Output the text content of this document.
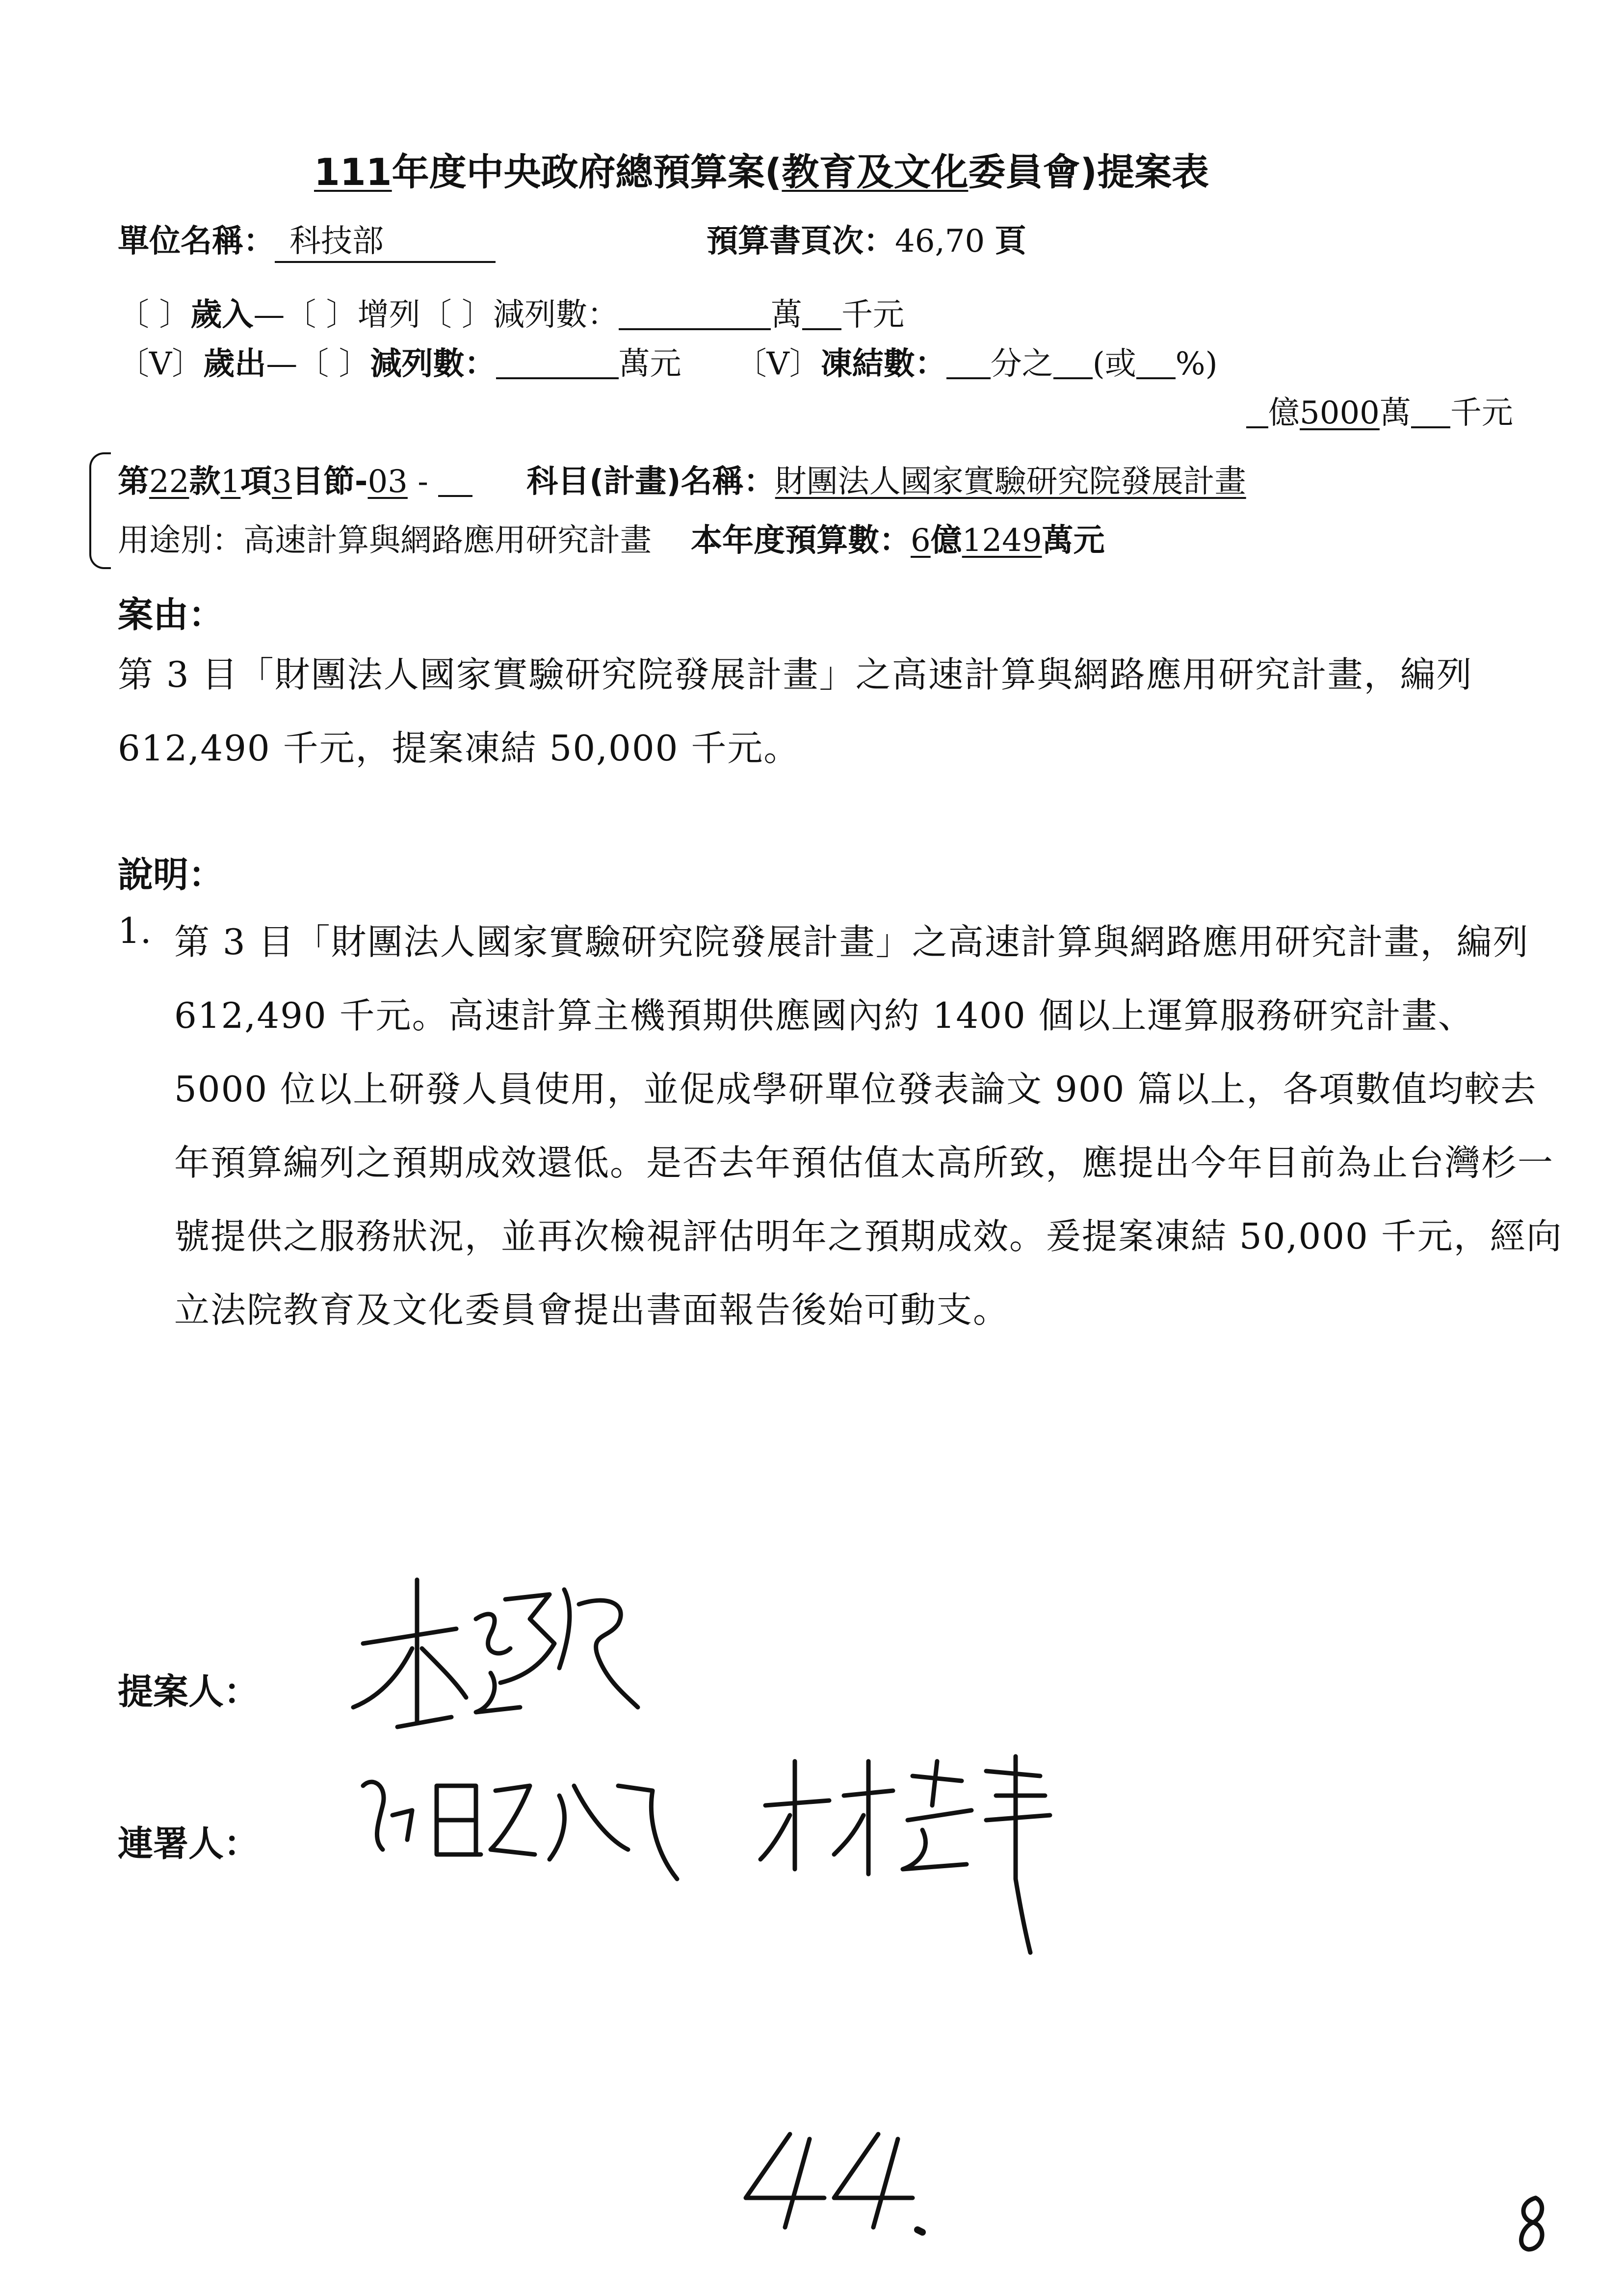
111年度中央政府總預算案(教育及文化委員會)提案表
單位名稱： 科技部	預算書頁次：46,70 頁
〔 〕歲入—〔 〕增列〔 〕減列數：	萬 千元
〔V〕歲出—〔 〕減列數：	萬元 〔V〕凍結數： 分之 (或 %)
億5000萬 千元
第22款1項3目節-03 -	科目(計畫)名稱：財團法人國家實驗研究院發展計畫
用途別：高速計算與網路應用研究計畫 本年度預算數：6億1249萬元
案由：
第 3 目「財團法人國家實驗研究院發展計畫」之高速計算與網路應用研究計畫，編列 612,490 千元，提案凍結 50,000 千元。
說明：
1. 第 3 目「財團法人國家實驗研究院發展計畫」之高速計算與網路應用研究計畫，編列 612,490 千元。高速計算主機預期供應國內約 1400 個以上運算服務研究計畫、5000 位以上研發人員使用，並促成學研單位發表論文 900 篇以上，各項數值均較去年預算編列之預期成效還低。是否去年預估值太高所致，應提出今年目前為止台灣杉一號提供之服務狀況，並再次檢視評估明年之預期成效。爰提案凍結 50,000 千元，經向立法院教育及文化委員會提出書面報告後始可動支。
提案人：
連署人：
